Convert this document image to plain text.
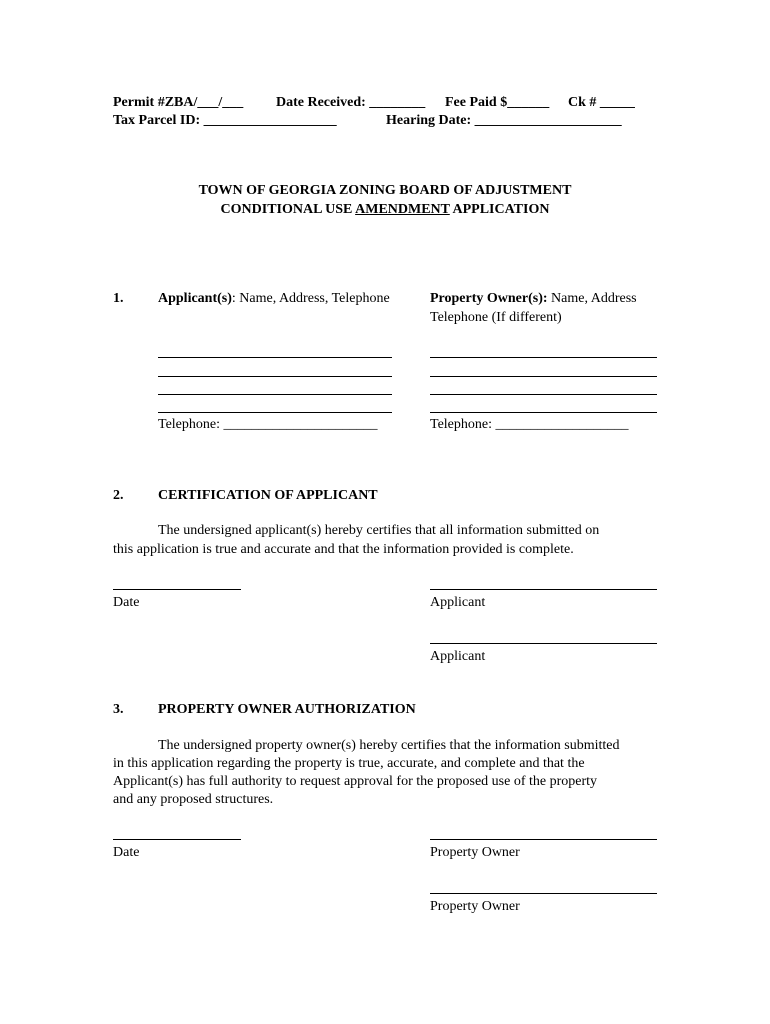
Permit #ZBA/___/___ Date Received: ________ Fee Paid $______ Ck # _____
Tax Parcel ID: ___________________	Hearing Date: _____________________
TOWN OF GEORGIA ZONING BOARD OF ADJUSTMENT
CONDITIONAL USE AMENDMENT APPLICATION
1. Applicant(s): Name, Address, Telephone	Property Owner(s): Name, Address
Telephone (If different)
Telephone: ______________________	Telephone: ___________________
2. CERTIFICATION OF APPLICANT
The undersigned applicant(s) hereby certifies that all information submitted on
this application is true and accurate and that the information provided is complete.
Date	Applicant
Applicant
3. PROPERTY OWNER AUTHORIZATION
The undersigned property owner(s) hereby certifies that the information submitted
in this application regarding the property is true, accurate, and complete and that the
Applicant(s) has full authority to request approval for the proposed use of the property
and any proposed structures.
Date	Property Owner
Property Owner
